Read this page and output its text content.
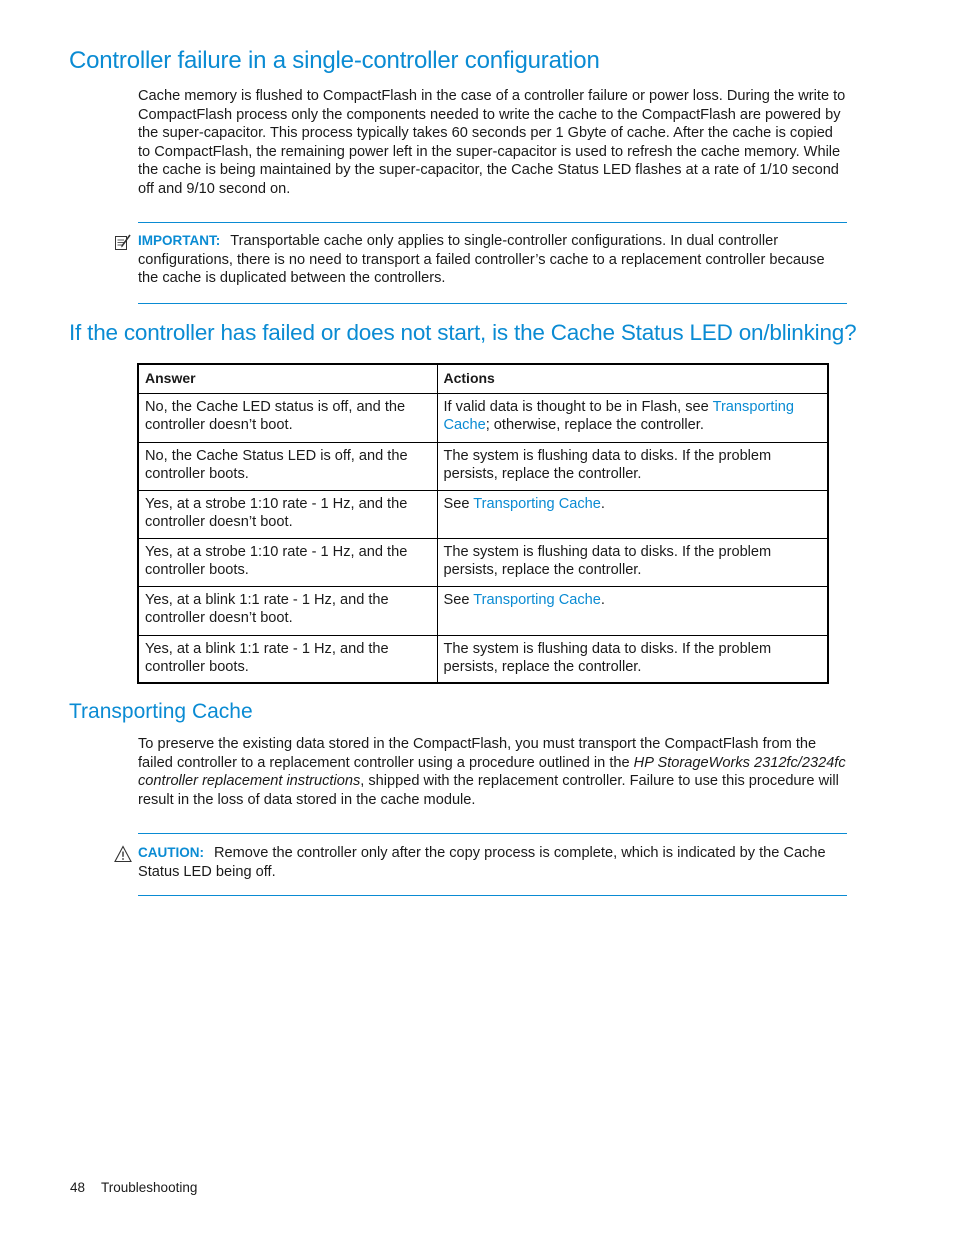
Controller failure in a single-controller configuration

Cache memory is flushed to CompactFlash in the case of a controller failure or power loss. During the write to CompactFlash process only the components needed to write the cache to the CompactFlash are powered by the super-capacitor. This process typically takes 60 seconds per 1 Gbyte of cache. After the cache is copied to CompactFlash, the remaining power left in the super-capacitor is used to refresh the cache memory. While the cache is being maintained by the super-capacitor, the Cache Status LED flashes at a rate of 1/10 second off and 9/10 second on.

IMPORTANT: Transportable cache only applies to single-controller configurations. In dual controller configurations, there is no need to transport a failed controller’s cache to a replacement controller because the cache is duplicated between the controllers.

If the controller has failed or does not start, is the Cache Status LED on/blinking?
Answer	Actions
No, the Cache LED status is off, and the controller doesn’t boot.	If valid data is thought to be in Flash, see Transporting Cache; otherwise, replace the controller.
No, the Cache Status LED is off, and the controller boots.	The system is flushing data to disks. If the problem persists, replace the controller.
Yes, at a strobe 1:10 rate - 1 Hz, and the controller doesn’t boot.	See Transporting Cache.
Yes, at a strobe 1:10 rate - 1 Hz, and the controller boots.	The system is flushing data to disks. If the problem persists, replace the controller.
Yes, at a blink 1:1 rate - 1 Hz, and the controller doesn’t boot.	See Transporting Cache.
Yes, at a blink 1:1 rate - 1 Hz, and the controller boots.	The system is flushing data to disks. If the problem persists, replace the controller.
Transporting Cache

To preserve the existing data stored in the CompactFlash, you must transport the CompactFlash from the failed controller to a replacement controller using a procedure outlined in the HP StorageWorks 2312fc/2324fc controller replacement instructions, shipped with the replacement controller. Failure to use this procedure will result in the loss of data stored in the cache module.

CAUTION: Remove the controller only after the copy process is complete, which is indicated by the Cache Status LED being off.

48 Troubleshooting
